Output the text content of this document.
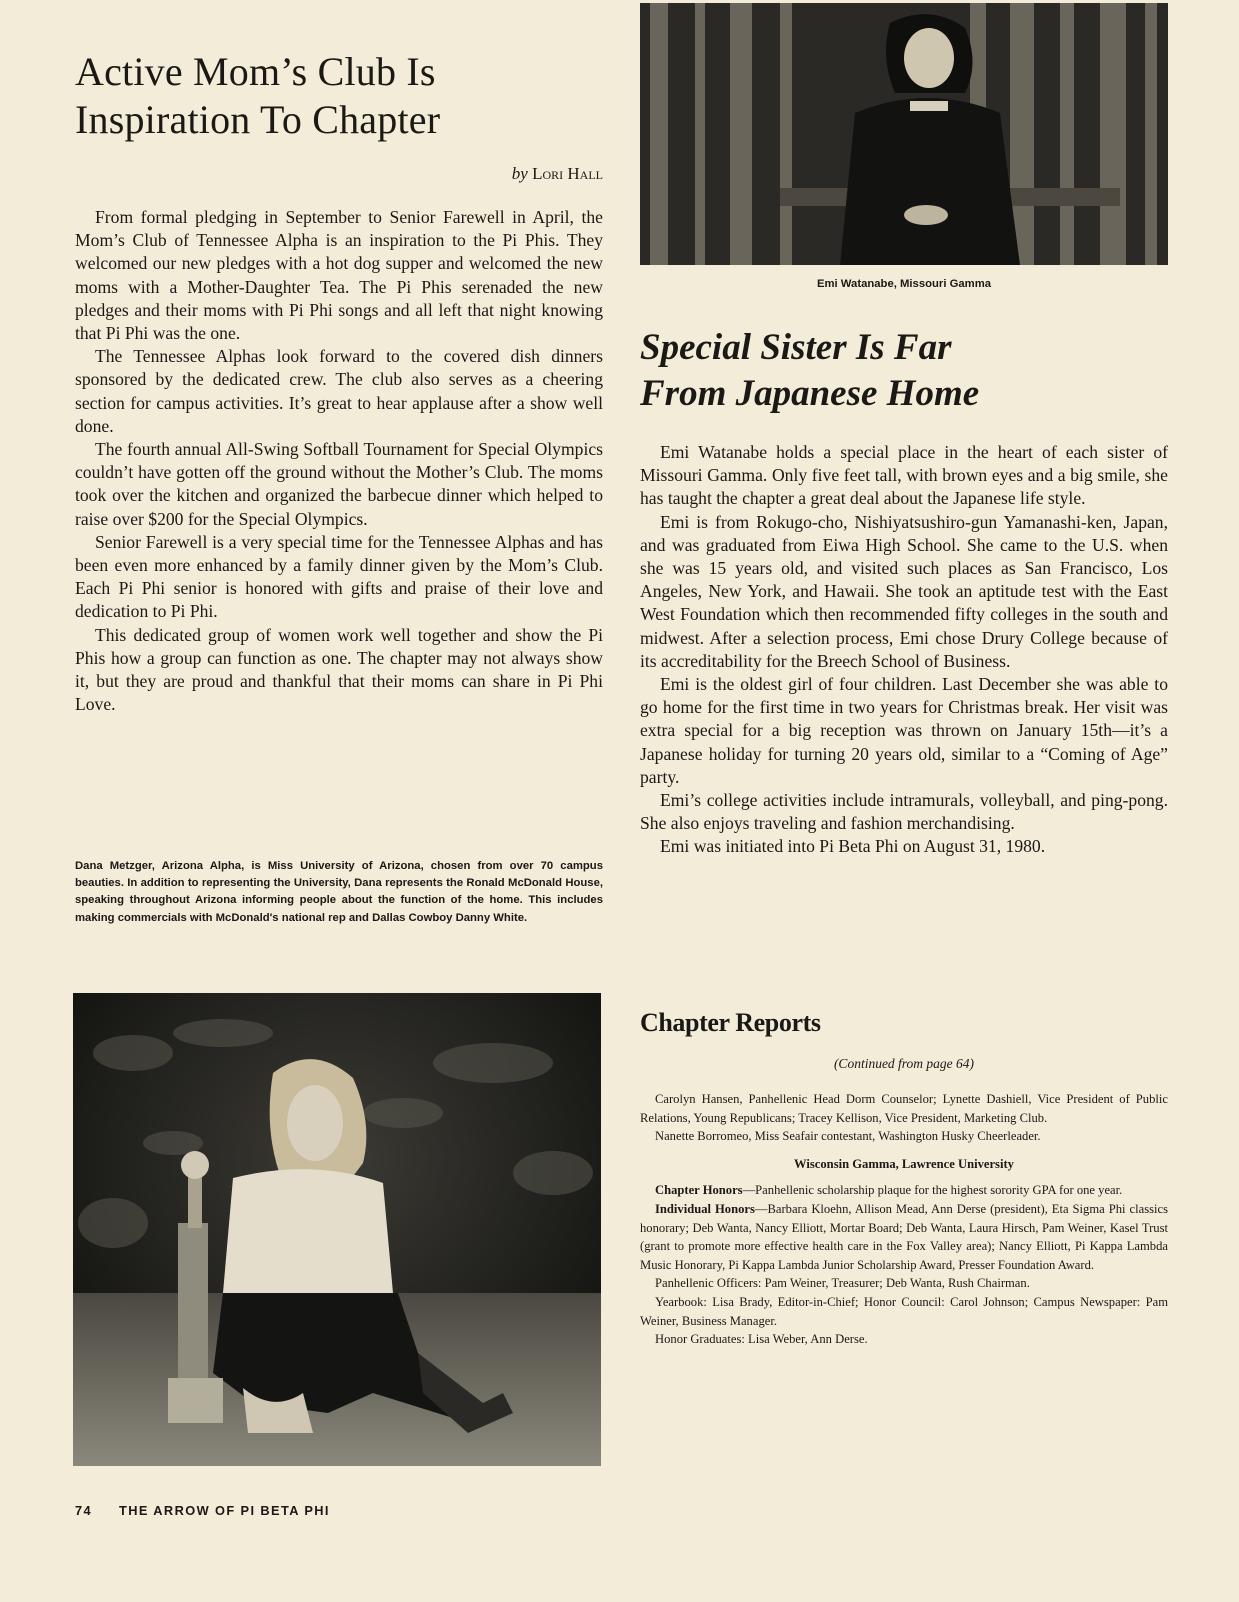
Active Mom’s Club Is
Inspiration To Chapter
by Lori Hall

From formal pledging in September to Senior Farewell in April, the Mom’s Club of Tennessee Alpha is an inspiration to the Pi Phis. They welcomed our new pledges with a hot dog supper and welcomed the new moms with a Mother-Daughter Tea. The Pi Phis serenaded the new pledges and their moms with Pi Phi songs and all left that night knowing that Pi Phi was the one.

The Tennessee Alphas look forward to the covered dish dinners sponsored by the dedicated crew. The club also serves as a cheering section for campus activities. It’s great to hear applause after a show well done.

The fourth annual All-Swing Softball Tournament for Special Olympics couldn’t have gotten off the ground without the Mother’s Club. The moms took over the kitchen and organized the barbecue dinner which helped to raise over $200 for the Special Olympics.

Senior Farewell is a very special time for the Tennessee Alphas and has been even more enhanced by a family dinner given by the Mom’s Club. Each Pi Phi senior is honored with gifts and praise of their love and dedication to Pi Phi.

This dedicated group of women work well together and show the Pi Phis how a group can function as one. The chapter may not always show it, but they are proud and thankful that their moms can share in Pi Phi Love.

Dana Metzger, Arizona Alpha, is Miss University of Arizona, chosen from over 70 campus beauties. In addition to representing the University, Dana represents the Ronald McDonald House, speaking throughout Arizona informing people about the function of the home. This includes making commercials with McDonald's national rep and Dallas Cowboy Danny White.
Emi Watanabe, Missouri Gamma
Special Sister Is Far
From Japanese Home

Emi Watanabe holds a special place in the heart of each sister of Missouri Gamma. Only five feet tall, with brown eyes and a big smile, she has taught the chapter a great deal about the Japanese life style.

Emi is from Rokugo-cho, Nishiyatsushiro-gun Yamanashi-ken, Japan, and was graduated from Eiwa High School. She came to the U.S. when she was 15 years old, and visited such places as San Francisco, Los Angeles, New York, and Hawaii. She took an aptitude test with the East West Foundation which then recommended fifty colleges in the south and midwest. After a selection process, Emi chose Drury College because of its accreditability for the Breech School of Business.

Emi is the oldest girl of four children. Last December she was able to go home for the first time in two years for Christmas break. Her visit was extra special for a big reception was thrown on January 15th—it’s a Japanese holiday for turning 20 years old, similar to a “Coming of Age” party.

Emi’s college activities include intramurals, volleyball, and ping-pong. She also enjoys traveling and fashion merchandising.

Emi was initiated into Pi Beta Phi on August 31, 1980.

Chapter Reports
(Continued from page 64)

Carolyn Hansen, Panhellenic Head Dorm Counselor; Lynette Dashiell, Vice President of Public Relations, Young Republicans; Tracey Kellison, Vice President, Marketing Club.

Nanette Borromeo, Miss Seafair contestant, Washington Husky Cheerleader.

Wisconsin Gamma, Lawrence University

Chapter Honors—Panhellenic scholarship plaque for the highest sorority GPA for one year.

Individual Honors—Barbara Kloehn, Allison Mead, Ann Derse (president), Eta Sigma Phi classics honorary; Deb Wanta, Nancy Elliott, Mortar Board; Deb Wanta, Laura Hirsch, Pam Weiner, Kasel Trust (grant to promote more effective health care in the Fox Valley area); Nancy Elliott, Pi Kappa Lambda Music Honorary, Pi Kappa Lambda Junior Scholarship Award, Presser Foundation Award.

Panhellenic Officers: Pam Weiner, Treasurer; Deb Wanta, Rush Chairman.

Yearbook: Lisa Brady, Editor-in-Chief; Honor Council: Carol Johnson; Campus Newspaper: Pam Weiner, Business Manager.

Honor Graduates: Lisa Weber, Ann Derse.

74 THE ARROW OF PI BETA PHI
